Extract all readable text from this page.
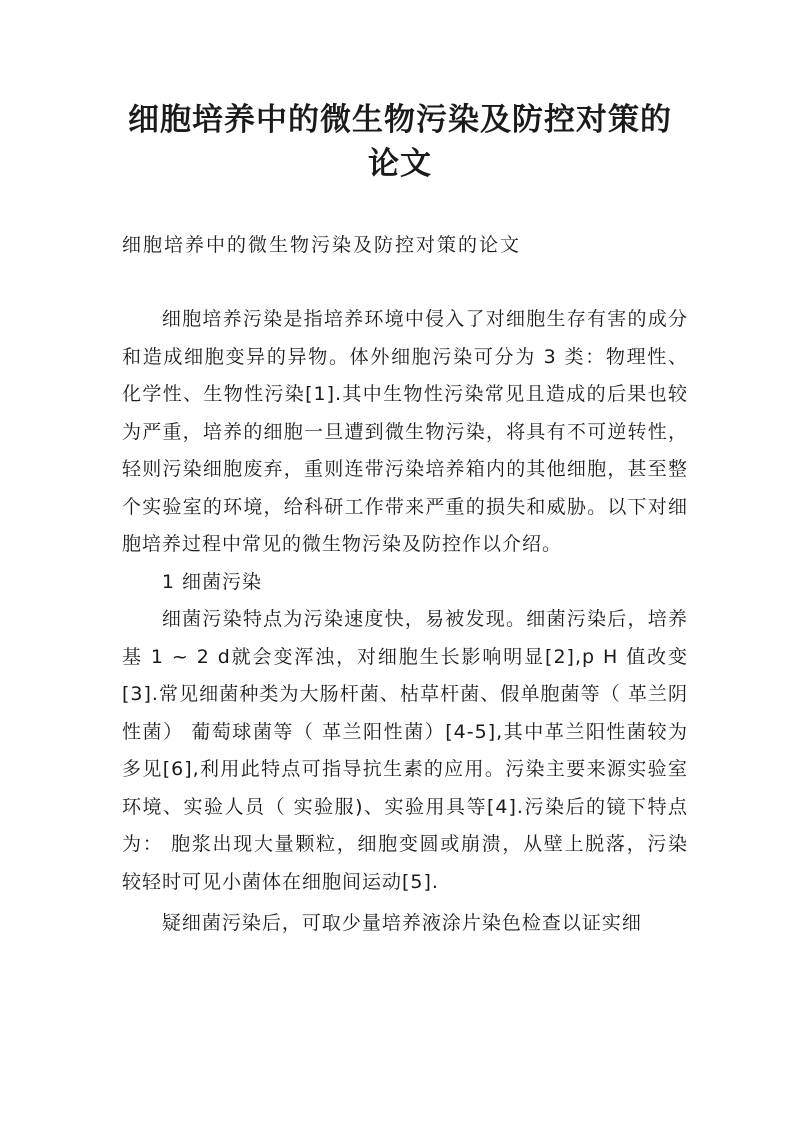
细胞培养中的微生物污染及防控对策的论文
细胞培养中的微生物污染及防控对策的论文

细胞培养污染是指培养环境中侵入了对细胞生存有害的成分和造成细胞变异的异物。体外细胞污染可分为 3 类：物理性、化学性、生物性污染[1].其中生物性污染常见且造成的后果也较为严重，培养的细胞一旦遭到微生物污染，将具有不可逆转性，轻则污染细胞废弃，重则连带污染培养箱内的其他细胞，甚至整个实验室的环境，给科研工作带来严重的损失和威胁。以下对细胞培养过程中常见的微生物污染及防控作以介绍。

1 细菌污染

细菌污染特点为污染速度快，易被发现。细菌污染后，培养基 1 ~ 2 d就会变浑浊，对细胞生长影响明显[2],p H 值改变[3].常见细菌种类为大肠杆菌、枯草杆菌、假单胞菌等（ 革兰阴性菌） 葡萄球菌等（ 革兰阳性菌）[4-5],其中革兰阳性菌较为多见[6],利用此特点可指导抗生素的应用。污染主要来源实验室环境、实验人员（ 实验服)、实验用具等[4].污染后的镜下特点为： 胞浆出现大量颗粒，细胞变圆或崩溃，从壁上脱落，污染较轻时可见小菌体在细胞间运动[5].

疑细菌污染后，可取少量培养液涂片染色检查以证实细
